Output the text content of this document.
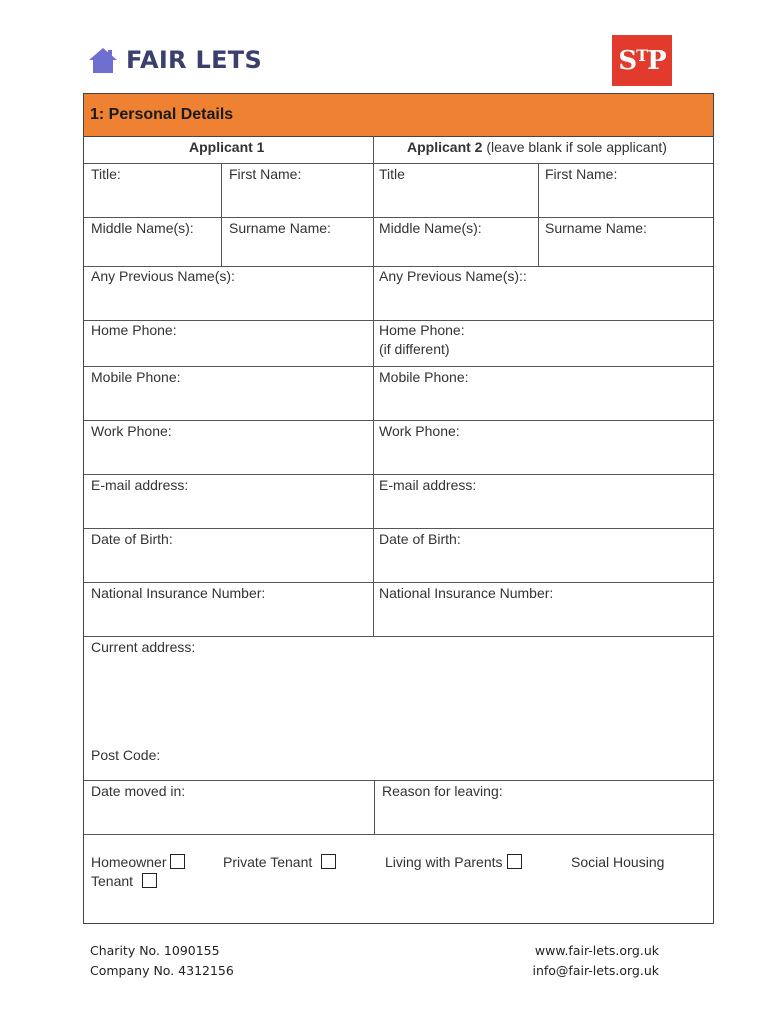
FAIR LETS	$S^TP$
1: Personal Details
Applicant 1	Applicant 2 (leave blank if sole applicant)
Title:	First Name:	Title	First Name:
Middle Name(s):	Surname Name:	Middle Name(s):	Surname Name:
Any Previous Name(s):	Any Previous Name(s)::
Home Phone:	Home Phone:
(if different)
Mobile Phone:	Mobile Phone:
Work Phone:	Work Phone:
E-mail address:	E-mail address:
Date of Birth:	Date of Birth:
National Insurance Number:	National Insurance Number:
Current address:
Post Code:
Date moved in:	Reason for leaving:
Homeowner	Private Tenant	Living with Parents	Social Housing
Tenant
Charity No. 1090155
Company No. 4312156
www.fair-lets.org.uk
info@fair-lets.org.uk
